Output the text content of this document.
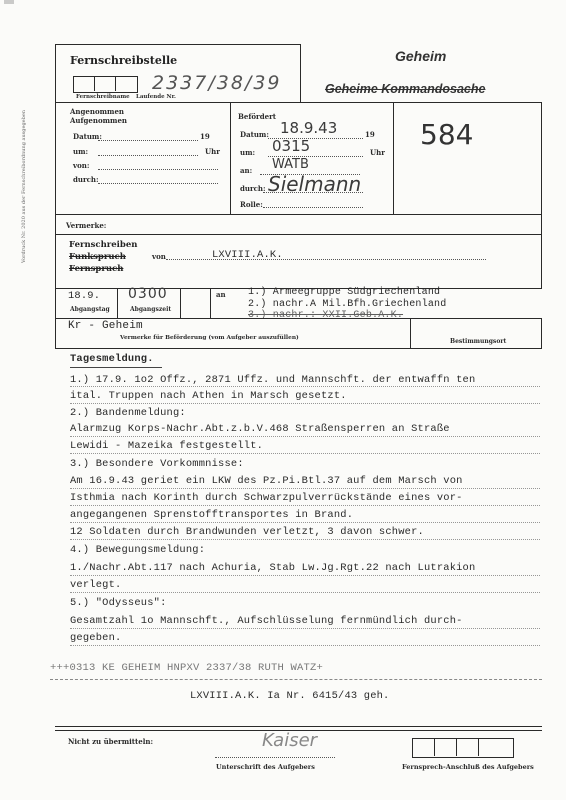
Vordruck Nr. 2020 aus der Fernschreibordnung ausgegeben
Fernschreibstelle	Geheim
Geheime Kommandosache
Fernschreibname Laufende Nr.
2337/38/39
Angenommen
Aufgenommen
Datum:	19
um:	Uhr
von:
durch:
Befördert
Datum: 18.9.43	19
um: 0315	Uhr
an: WATB
durch: Sielmann
Rolle:
584
Vermerke:
Fernschreiben
Funkspruch
Fernspruch
von	LXVIII.A.K.
18.9. 0300
Abgangstag	Abgangszeit
an 1.) Armeegruppe Südgriechenland
2.) nachr.A Mil.Bfh.Griechenland
3.) nachr.: XXII.Geb.A.K.
Kr - Geheim
Vermerke für Beförderung (vom Aufgeber auszufüllen)	Bestimmungsort
Tagesmeldung.
1.) 17.9. 1o2 Offz., 2871 Uffz. und Mannschft. der entwaffn ten
ital. Truppen nach Athen in Marsch gesetzt.
2.) Bandenmeldung:
Alarmzug Korps-Nachr.Abt.z.b.V.468 Straßensperren an Straße
Lewidi - Mazeika festgestellt.
3.) Besondere Vorkommnisse:
Am 16.9.43 geriet ein LKW des Pz.Pi.Btl.37 auf dem Marsch von
Isthmia nach Korinth durch Schwarzpulverrückstände eines vor-
angegangenen Sprenstofftransportes in Brand.
12 Soldaten durch Brandwunden verletzt, 3 davon schwer.
4.) Bewegungsmeldung:
1./Nachr.Abt.117 nach Achuria, Stab Lw.Jg.Rgt.22 nach Lutrakion
verlegt.
5.) "Odysseus":
Gesamtzahl 1o Mannschft., Aufschlüsselung fernmündlich durch-
gegeben.
+++0313 KE GEHEIM HNPXV 2337/38 RUTH WATZ+
LXVIII.A.K. Ia Nr. 6415/43 geh.
Nicht zu übermitteln:	Kaiser
Unterschrift des Aufgebers	Fernsprech-Anschluß des Aufgebers
